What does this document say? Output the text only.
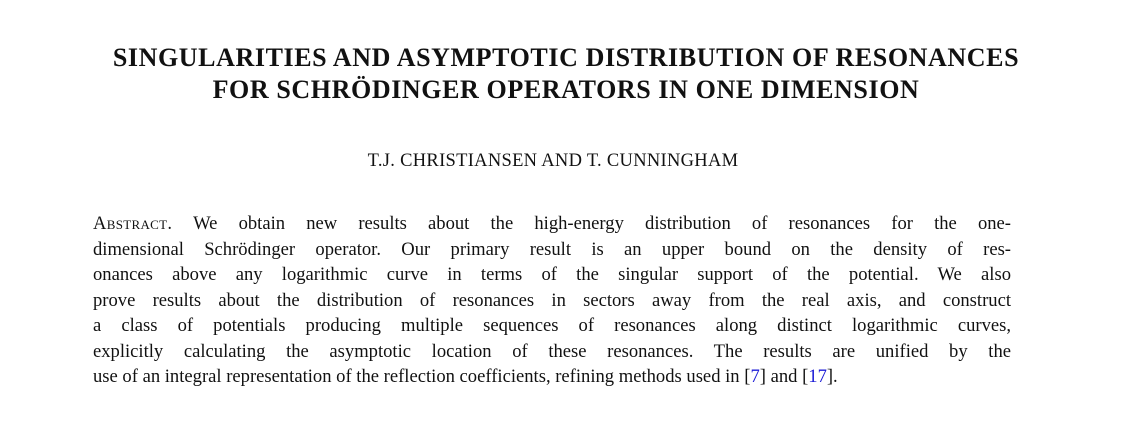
SINGULARITIES AND ASYMPTOTIC DISTRIBUTION OF RESONANCES
FOR SCHRÖDINGER OPERATORS IN ONE DIMENSION

T.J. CHRISTIANSEN AND T. CUNNINGHAM

Abstract. We obtain new results about the high-energy distribution of resonances for the one-
dimensional Schrödinger operator. Our primary result is an upper bound on the density of res-
onances above any logarithmic curve in terms of the singular support of the potential. We also
prove results about the distribution of resonances in sectors away from the real axis, and construct
a class of potentials producing multiple sequences of resonances along distinct logarithmic curves,
explicitly calculating the asymptotic location of these resonances. The results are unified by the
use of an integral representation of the reflection coefficients, refining methods used in [7] and [17].
